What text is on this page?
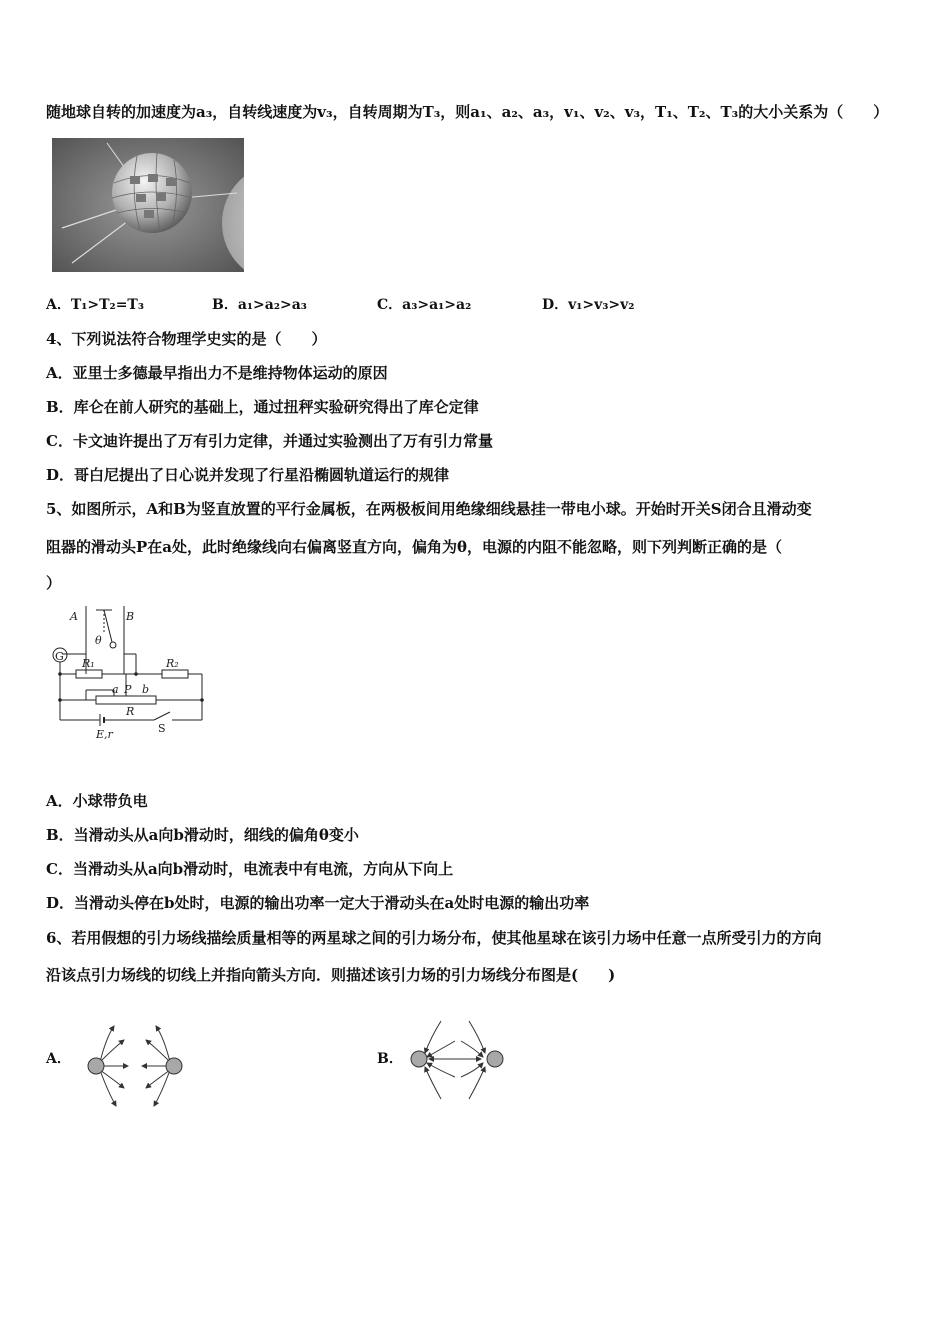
随地球自转的加速度为a₃，自转线速度为v₃，自转周期为T₃，则a₁、a₂、a₃，v₁、v₂、v₃，T₁、T₂、T₃的大小关系为（　　）
A．T₁>T₂=T₃	B．a₁>a₂>a₃	C．a₃>a₁>a₂	D．v₁>v₃>v₂
4、下列说法符合物理学史实的是（　　）
A．亚里士多德最早指出力不是维持物体运动的原因
B．库仑在前人研究的基础上，通过扭秤实验研究得出了库仑定律
C．卡文迪许提出了万有引力定律，并通过实验测出了万有引力常量
D．哥白尼提出了日心说并发现了行星沿椭圆轨道运行的规律
5、如图所示，A和B为竖直放置的平行金属板，在两极板间用绝缘细线悬挂一带电小球。开始时开关S闭合且滑动变
阻器的滑动头P在a处，此时绝缘线向右偏离竖直方向，偏角为θ，电源的内阻不能忽略，则下列判断正确的是（
）
A	B
θ
G
R₁	R₂
a P b
R
E,r	S
A．小球带负电
B．当滑动头从a向b滑动时，细线的偏角θ变小
C．当滑动头从a向b滑动时，电流表中有电流，方向从下向上
D．当滑动头停在b处时，电源的输出功率一定大于滑动头在a处时电源的输出功率
6、若用假想的引力场线描绘质量相等的两星球之间的引力场分布，使其他星球在该引力场中任意一点所受引力的方向
沿该点引力场线的切线上并指向箭头方向．则描述该引力场的引力场线分布图是(　　)
A．	B．
